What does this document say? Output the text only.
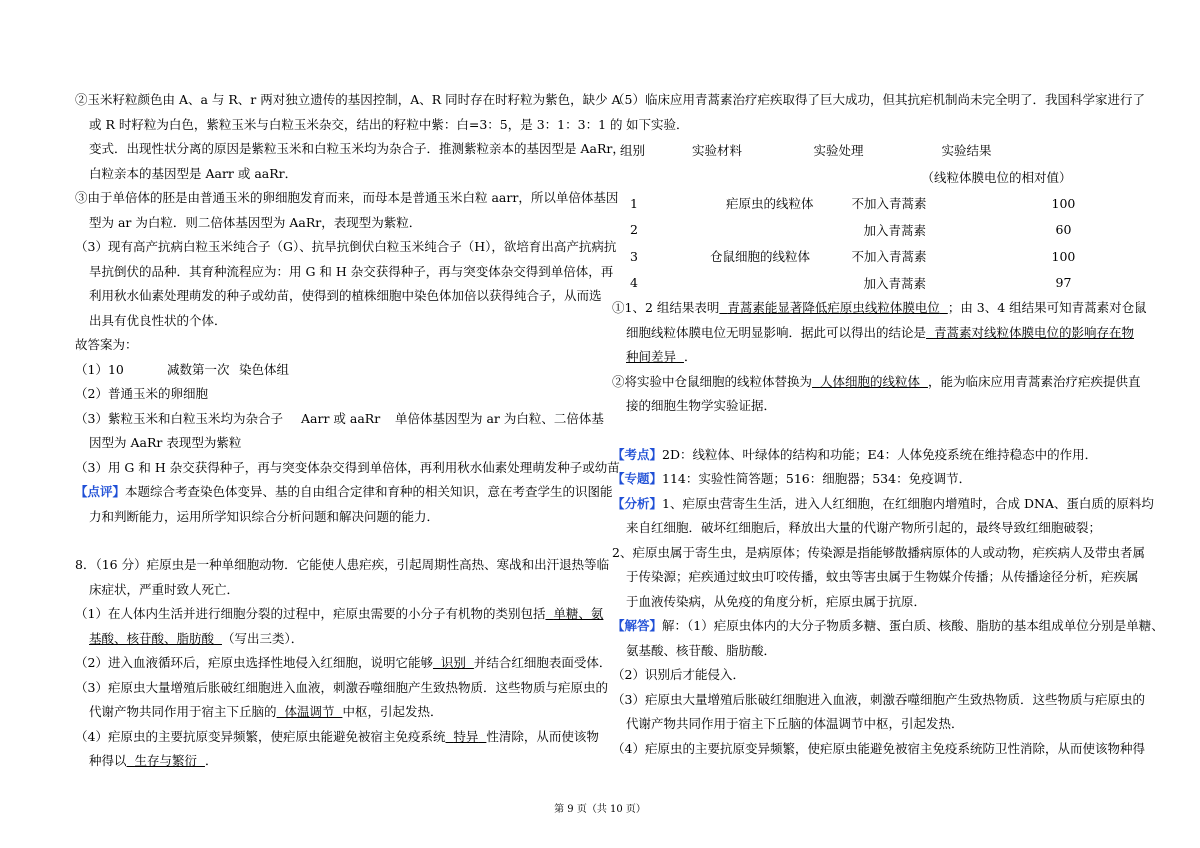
②玉米籽粒颜色由 A、a 与 R、r 两对独立遗传的基因控制，A、R 同时存在时籽粒为紫色，缺少 A

或 R 时籽粒为白色，紫粒玉米与白粒玉米杂交，结出的籽粒中紫：白=3：5，是 3：1：3：1 的

变式．出现性状分离的原因是紫粒玉米和白粒玉米均为杂合子．推测紫粒亲本的基因型是 AaRr，

白粒亲本的基因型是 Aarr 或 aaRr．

③由于单倍体的胚是由普通玉米的卵细胞发育而来，而母本是普通玉米白粒 aarr，所以单倍体基因

型为 ar 为白粒．则二倍体基因型为 AaRr，表现型为紫粒．

（3）现有高产抗病白粒玉米纯合子（G）、抗旱抗倒伏白粒玉米纯合子（H），欲培育出高产抗病抗

旱抗倒伏的品种．其育种流程应为：用 G 和 H 杂交获得种子，再与突变体杂交得到单倍体，再

利用秋水仙素处理萌发的种子或幼苗，使得到的植株细胞中染色体加倍以获得纯合子，从而选

出具有优良性状的个体．

故答案为：

（1）10	减数第一次 染色体组

（2）普通玉米的卵细胞

（3）紫粒玉米和白粒玉米均为杂合子 Aarr 或 aaRr 单倍体基因型为 ar 为白粒、二倍体基

因型为 AaRr 表现型为紫粒

（3）用 G 和 H 杂交获得种子，再与突变体杂交得到单倍体，再利用秋水仙素处理萌发种子或幼苗

【点评】本题综合考查染色体变异、基的自由组合定律和育种的相关知识，意在考查学生的识图能

力和判断能力，运用所学知识综合分析问题和解决问题的能力．

8．（16 分）疟原虫是一种单细胞动物．它能使人患疟疾，引起周期性高热、寒战和出汗退热等临

床症状，严重时致人死亡．

（1）在人体内生活并进行细胞分裂的过程中，疟原虫需要的小分子有机物的类别包括 单糖、氨

基酸、核苷酸、脂肪酸 （写出三类）．

（2）进入血液循环后，疟原虫选择性地侵入红细胞，说明它能够 识别 并结合红细胞表面受体．

（3）疟原虫大量增殖后胀破红细胞进入血液，刺激吞噬细胞产生致热物质．这些物质与疟原虫的

代谢产物共同作用于宿主下丘脑的 体温调节 中枢，引起发热．

（4）疟原虫的主要抗原变异频繁，使疟原虫能避免被宿主免疫系统 特异 性清除，从而使该物

种得以 生存与繁衍 ．

（5）临床应用青蒿素治疗疟疾取得了巨大成功，但其抗疟机制尚未完全明了．我国科学家进行了

如下实验．

组别	实验材料	实验处理	实验结果
		（线粒体膜电位的相对值）	
1	疟原虫的线粒体	不加入青蒿素	100
2		加入青蒿素	60
3	仓鼠细胞的线粒体	不加入青蒿素	100
4		加入青蒿素	97

①1、2 组结果表明 青蒿素能显著降低疟原虫线粒体膜电位 ；由 3、4 组结果可知青蒿素对仓鼠

细胞线粒体膜电位无明显影响．据此可以得出的结论是 青蒿素对线粒体膜电位的影响存在物

种间差异 ．

②将实验中仓鼠细胞的线粒体替换为 人体细胞的线粒体 ，能为临床应用青蒿素治疗疟疾提供直

接的细胞生物学实验证据．

【考点】2D：线粒体、叶绿体的结构和功能；E4：人体免疫系统在维持稳态中的作用．

【专题】114：实验性简答题；516：细胞器；534：免疫调节．

【分析】1、疟原虫营寄生生活，进入人红细胞，在红细胞内增殖时，合成 DNA、蛋白质的原料均

来自红细胞．破坏红细胞后，释放出大量的代谢产物所引起的，最终导致红细胞破裂；

2、疟原虫属于寄生虫，是病原体；传染源是指能够散播病原体的人或动物，疟疾病人及带虫者属

于传染源；疟疾通过蚊虫叮咬传播，蚊虫等害虫属于生物媒介传播；从传播途径分析，疟疾属

于血液传染病，从免疫的角度分析，疟原虫属于抗原．

【解答】解：（1）疟原虫体内的大分子物质多糖、蛋白质、核酸、脂肪的基本组成单位分别是单糖、

氨基酸、核苷酸、脂肪酸．

（2）识别后才能侵入．

（3）疟原虫大量增殖后胀破红细胞进入血液，刺激吞噬细胞产生致热物质．这些物质与疟原虫的

代谢产物共同作用于宿主下丘脑的体温调节中枢，引起发热．

（4）疟原虫的主要抗原变异频繁，使疟原虫能避免被宿主免疫系统防卫性消除，从而使该物种得

第 9 页（共 10 页）
